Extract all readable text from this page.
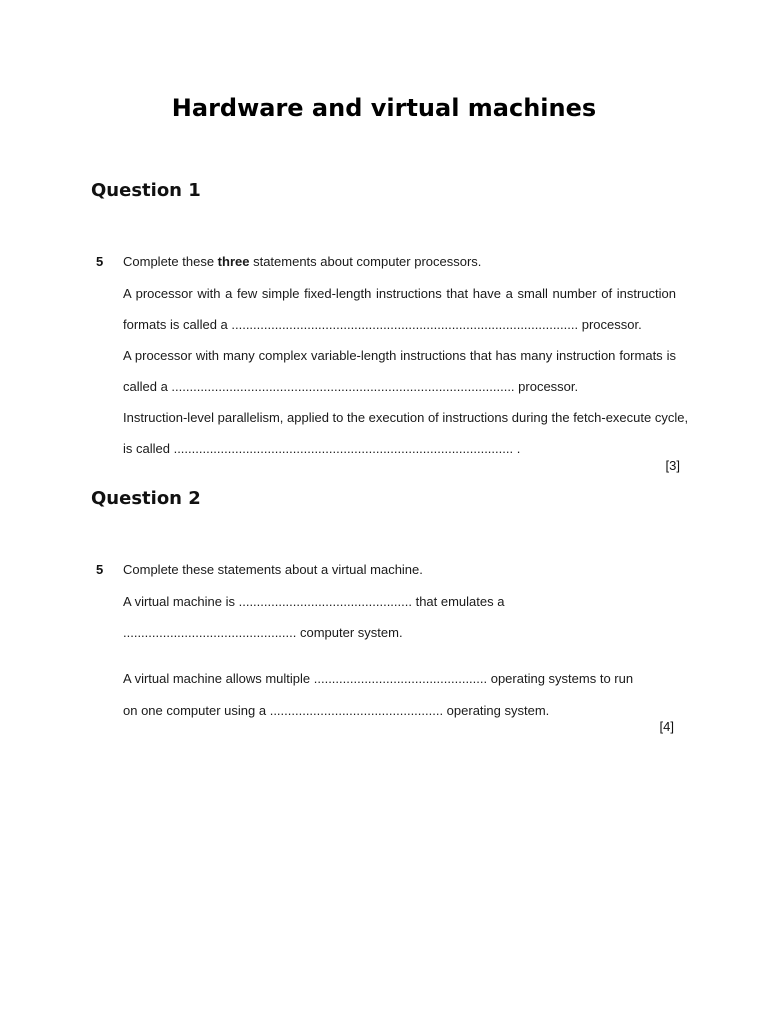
Hardware and virtual machines
Question 1
5 Complete these three statements about computer processors.
A processor with a few simple fixed-length instructions that have a small number of instruction
formats is called a ................................................................................................ processor.
A processor with many complex variable-length instructions that has many instruction formats is
called a ............................................................................................... processor.
Instruction-level parallelism, applied to the execution of instructions during the fetch-execute cycle,
is called .............................................................................................. .
[3]
Question 2
5 Complete these statements about a virtual machine.
A virtual machine is ................................................ that emulates a
................................................ computer system.
A virtual machine allows multiple ................................................ operating systems to run
on one computer using a ................................................ operating system.
[4]
